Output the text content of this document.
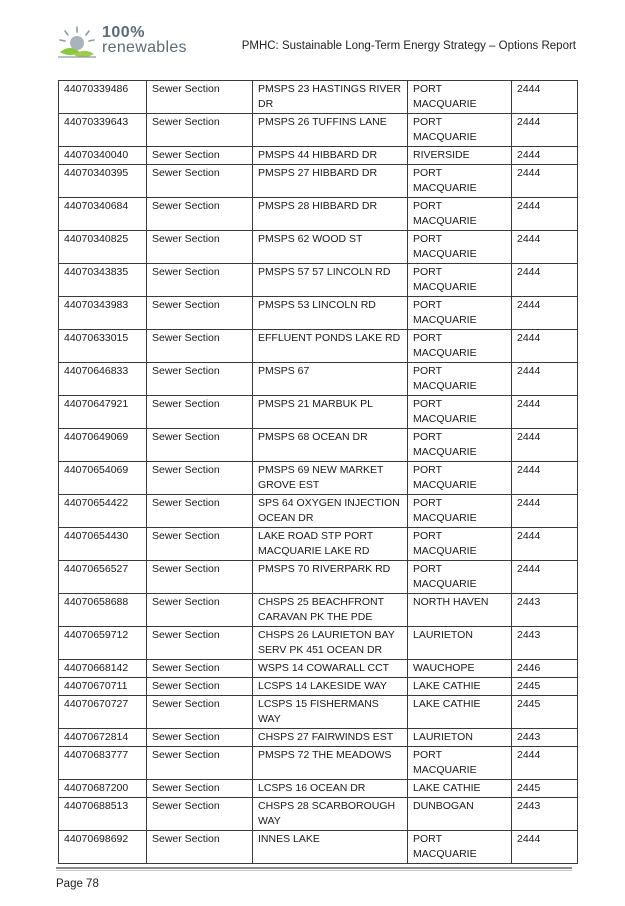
100%
renewables	PMHC: Sustainable Long-Term Energy Strategy – Options Report
44070339486	Sewer Section	PMSPS 23 HASTINGS RIVER DR	PORT MACQUARIE	2444
44070339643	Sewer Section	PMSPS 26 TUFFINS LANE	PORT MACQUARIE	2444
44070340040	Sewer Section	PMSPS 44 HIBBARD DR	RIVERSIDE	2444
44070340395	Sewer Section	PMSPS 27 HIBBARD DR	PORT MACQUARIE	2444
44070340684	Sewer Section	PMSPS 28 HIBBARD DR	PORT MACQUARIE	2444
44070340825	Sewer Section	PMSPS 62 WOOD ST	PORT MACQUARIE	2444
44070343835	Sewer Section	PMSPS 57 57 LINCOLN RD	PORT MACQUARIE	2444
44070343983	Sewer Section	PMSPS 53 LINCOLN RD	PORT MACQUARIE	2444
44070633015	Sewer Section	EFFLUENT PONDS LAKE RD	PORT MACQUARIE	2444
44070646833	Sewer Section	PMSPS 67	PORT MACQUARIE	2444
44070647921	Sewer Section	PMSPS 21 MARBUK PL	PORT MACQUARIE	2444
44070649069	Sewer Section	PMSPS 68 OCEAN DR	PORT MACQUARIE	2444
44070654069	Sewer Section	PMSPS 69 NEW MARKET GROVE EST	PORT MACQUARIE	2444
44070654422	Sewer Section	SPS 64 OXYGEN INJECTION OCEAN DR	PORT MACQUARIE	2444
44070654430	Sewer Section	LAKE ROAD STP PORT MACQUARIE LAKE RD	PORT MACQUARIE	2444
44070656527	Sewer Section	PMSPS 70 RIVERPARK RD	PORT MACQUARIE	2444
44070658688	Sewer Section	CHSPS 25 BEACHFRONT CARAVAN PK THE PDE	NORTH HAVEN	2443
44070659712	Sewer Section	CHSPS 26 LAURIETON BAY SERV PK 451 OCEAN DR	LAURIETON	2443
44070668142	Sewer Section	WSPS 14 COWARALL CCT	WAUCHOPE	2446
44070670711	Sewer Section	LCSPS 14 LAKESIDE WAY	LAKE CATHIE	2445
44070670727	Sewer Section	LCSPS 15 FISHERMANS WAY	LAKE CATHIE	2445
44070672814	Sewer Section	CHSPS 27 FAIRWINDS EST	LAURIETON	2443
44070683777	Sewer Section	PMSPS 72 THE MEADOWS	PORT MACQUARIE	2444
44070687200	Sewer Section	LCSPS 16 OCEAN DR	LAKE CATHIE	2445
44070688513	Sewer Section	CHSPS 28 SCARBOROUGH WAY	DUNBOGAN	2443
44070698692	Sewer Section	INNES LAKE	PORT MACQUARIE	2444
Page 78
